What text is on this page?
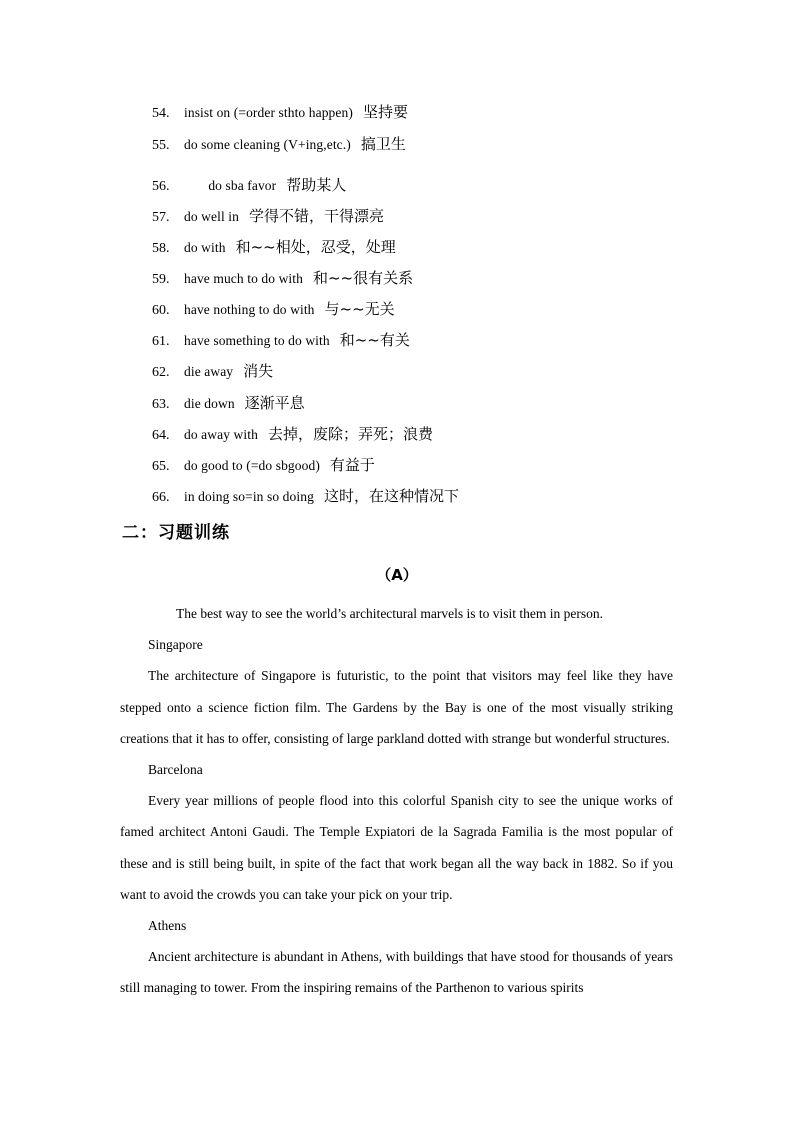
54. insist on (=order sthto happen) 坚持要
55. do some cleaning (V+ing,etc.) 搞卫生
56.       do sba favor 帮助某人
57. do well in 学得不错，干得漂亮
58. do with 和~~相处，忍受，处理
59. have much to do with 和~~很有关系
60. have nothing to do with 与~~无关
61. have something to do with 和~~有关
62. die away 消失
63. die down 逐渐平息
64. do away with 去掉，废除；弄死；浪费
65. do good to (=do sbgood) 有益于
66. in doing so=in so doing 这时，在这种情况下
二：习题训练
（A）

The best way to see the world’s architectural marvels is to visit them in person.

Singapore

The architecture of Singapore is futuristic, to the point that visitors may feel like they have stepped onto a science fiction film. The Gardens by the Bay is one of the most visually striking creations that it has to offer, consisting of large parkland dotted with strange but wonderful structures.

Barcelona

Every year millions of people flood into this colorful Spanish city to see the unique works of famed architect Antoni Gaudi. The Temple Expiatori de la Sagrada Familia is the most popular of these and is still being built, in spite of the fact that work began all the way back in 1882. So if you want to avoid the crowds you can take your pick on your trip.

Athens

Ancient architecture is abundant in Athens, with buildings that have stood for thousands of years still managing to tower. From the inspiring remains of the Parthenon to various spirits
